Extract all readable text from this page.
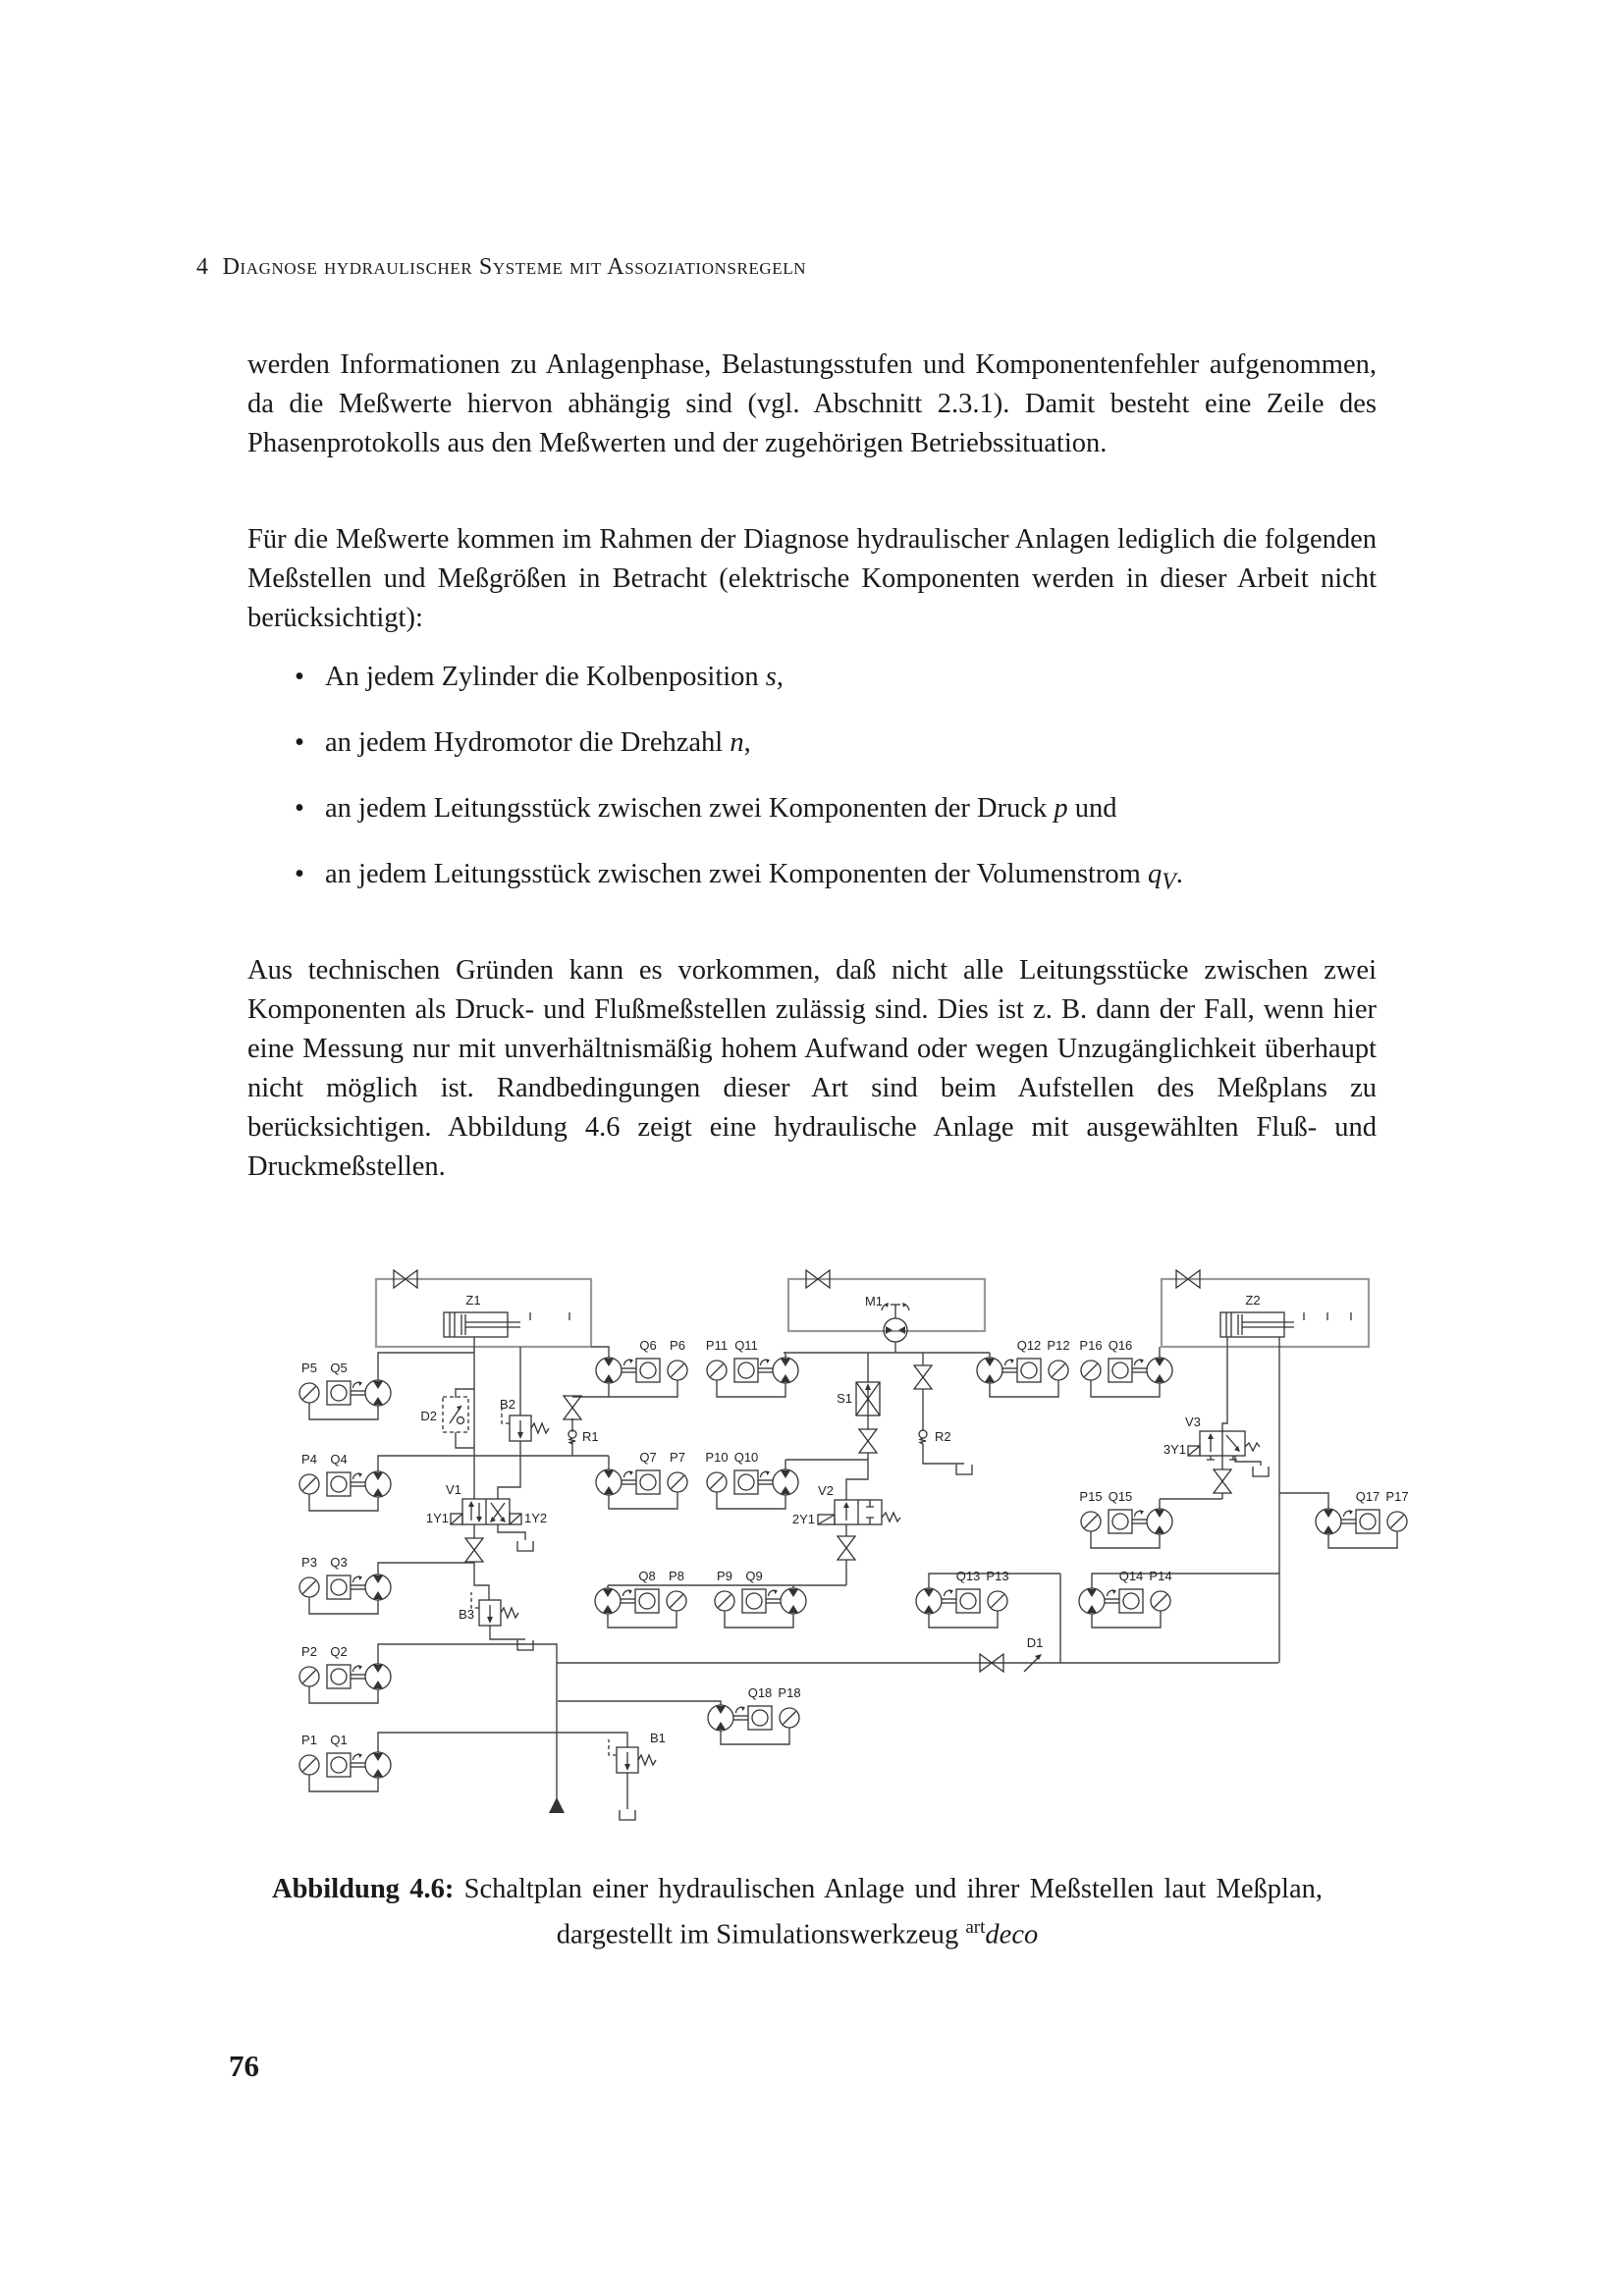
4 Diagnose hydraulischer Systeme mit Assoziationsregeln
werden Informationen zu Anlagenphase, Belastungsstufen und Komponentenfehler aufgenommen, da die Meßwerte hiervon abhängig sind (vgl. Abschnitt 2.3.1). Damit besteht eine Zeile des Phasenprotokolls aus den Meßwerten und der zugehörigen Betriebssituation.
Für die Meßwerte kommen im Rahmen der Diagnose hydraulischer Anlagen lediglich die folgenden Meßstellen und Meßgrößen in Betracht (elektrische Komponenten werden in dieser Arbeit nicht berücksichtigt):
• An jedem Zylinder die Kolbenposition s,
• an jedem Hydromotor die Drehzahl n,
• an jedem Leitungsstück zwischen zwei Komponenten der Druck p und
• an jedem Leitungsstück zwischen zwei Komponenten der Volumenstrom $q_V$.
Aus technischen Gründen kann es vorkommen, daß nicht alle Leitungsstücke zwischen zwei Komponenten als Druck- und Flußmeßstellen zulässig sind. Dies ist z. B. dann der Fall, wenn hier eine Messung nur mit unverhältnismäßig hohem Aufwand oder wegen Unzugänglichkeit überhaupt nicht möglich ist. Randbedingungen dieser Art sind beim Aufstellen des Meßplans zu berücksichtigen. Abbildung 4.6 zeigt eine hydraulische Anlage mit ausgewählten Fluß- und Druckmeßstellen.
Z1	M1	Z2
R1	R2
B2
B3
B1
D2
S1
D1
V1
1Y1	1Y2
V2
2Y1
V3
3Y1
P5 Q5
P4 Q4
P3 Q3
P2 Q2
P1 Q1
Q6 P6 P11 Q11	Q12 P12 P16 Q16
Q7 P7 P10 Q10
P15 Q15	Q17 P17
Q8 P8	P9 Q9	Q13 P13	Q14 P14
Q18 P18
Abbildung 4.6: Schaltplan einer hydraulischen Anlage und ihrer Meßstellen laut Meßplan, dargestellt im Simulationswerkzeug $^{art}$deco
76
